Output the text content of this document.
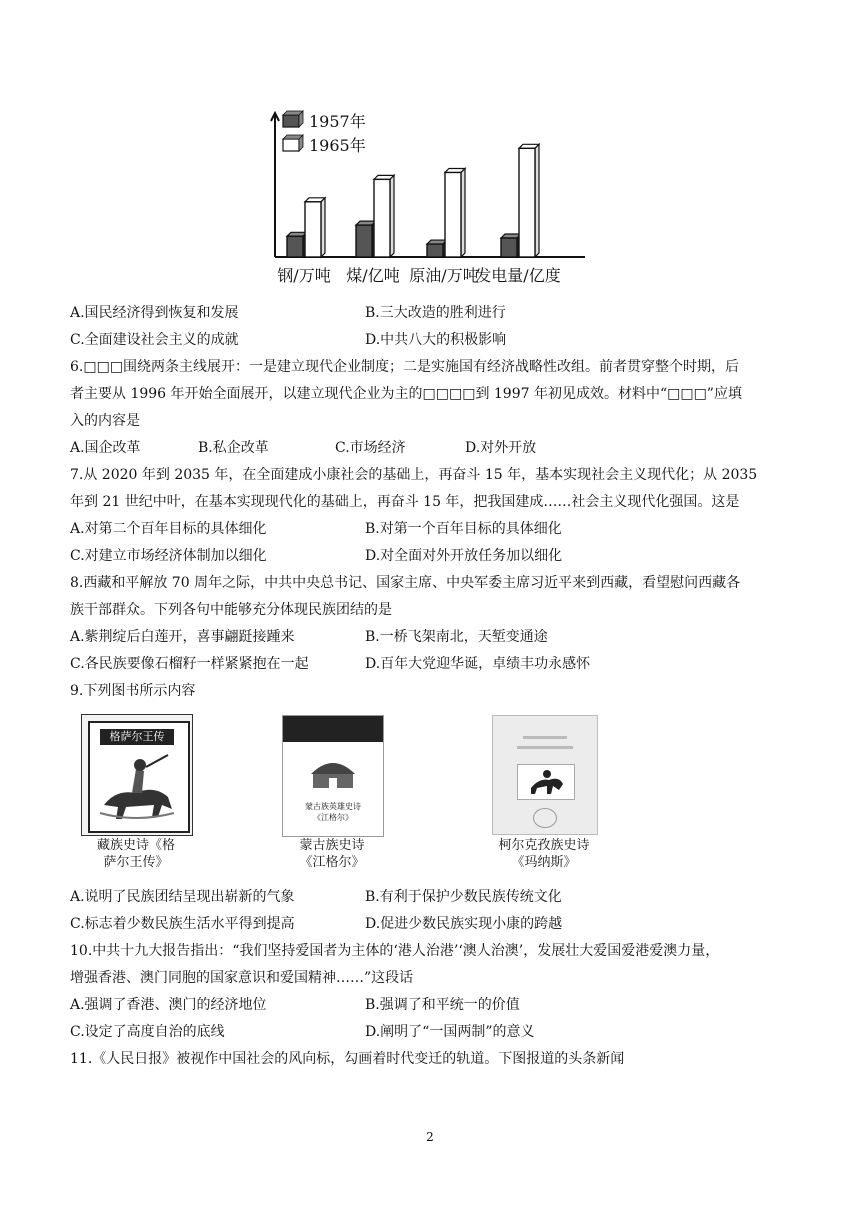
1957年
1965年
钢/万吨 煤/亿吨 原油/万吨
发电量/亿度
A.国民经济得到恢复和发展	B.三大改造的胜利进行
C.全面建设社会主义的成就	D.中共八大的积极影响
6.□□□围绕两条主线展开：一是建立现代企业制度；二是实施国有经济战略性改组。前者贯穿整个时期，后
者主要从 1996 年开始全面展开，以建立现代企业为主的□□□□到 1997 年初见成效。材料中“□□□”应填
入的内容是
A.国企改革	B.私企改革	C.市场经济	D.对外开放
7.从 2020 年到 2035 年，在全面建成小康社会的基础上，再奋斗 15 年，基本实现社会主义现代化；从 2035
年到 21 世纪中叶，在基本实现现代化的基础上，再奋斗 15 年，把我国建成……社会主义现代化强国。这是
A.对第二个百年目标的具体细化	B.对第一个百年目标的具体细化
C.对建立市场经济体制加以细化	D.对全面对外开放任务加以细化
8.西藏和平解放 70 周年之际，中共中央总书记、国家主席、中央军委主席习近平来到西藏，看望慰问西藏各
族干部群众。下列各句中能够充分体现民族团结的是
A.紫荆绽后白莲开，喜事翩跹接踵来	B.一桥飞架南北，天堑变通途
C.各民族要像石榴籽一样紧紧抱在一起	D.百年大党迎华诞，卓绩丰功永感怀
9.下列图书所示内容
格萨尔王传
藏族史诗《格
萨尔王传》
蒙古族英雄史诗
《江格尔》
蒙古族史诗
《江格尔》
柯尔克孜族史诗
《玛纳斯》
A.说明了民族团结呈现出崭新的气象	B.有利于保护少数民族传统文化
C.标志着少数民族生活水平得到提高	D.促进少数民族实现小康的跨越
10.中共十九大报告指出：“我们坚持爱国者为主体的‘港人治港’‘澳人治澳’，发展壮大爱国爱港爱澳力量，
增强香港、澳门同胞的国家意识和爱国精神……”这段话
A.强调了香港、澳门的经济地位	B.强调了和平统一的价值
C.设定了高度自治的底线	D.阐明了“一国两制”的意义
11.《人民日报》被视作中国社会的风向标，勾画着时代变迁的轨道。下图报道的头条新闻
2
